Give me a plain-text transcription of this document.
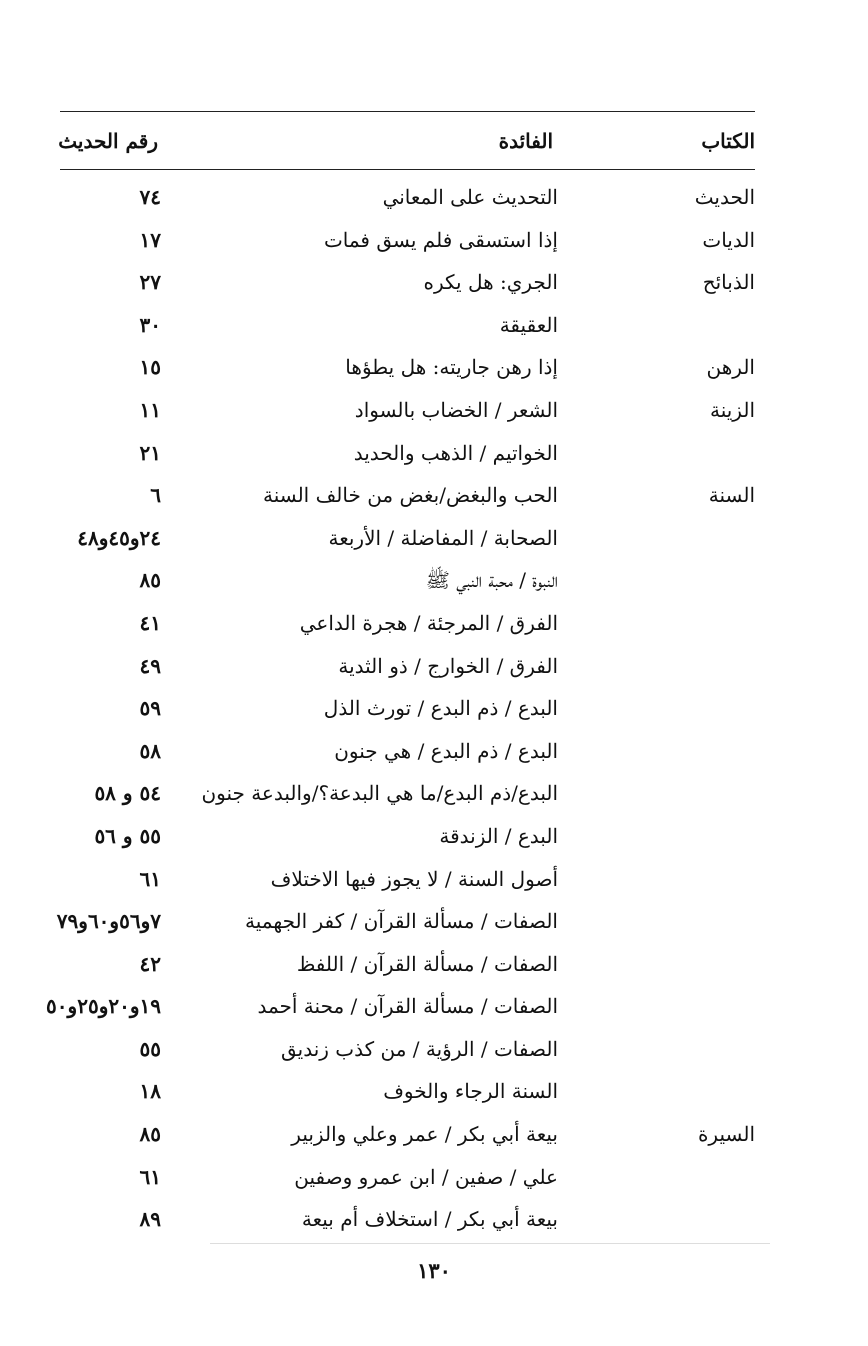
الكتاب
الفائدة
رقم الحديث
الحديث
التحديث على المعاني
٧٤
الديات
إذا استسقى فلم يسق فمات
١٧
الذبائح
الجري: هل يكره
٢٧
العقيقة
٣٠
الرهن
إذا رهن جاريته: هل يطؤها
١٥
الزينة
الشعر / الخضاب بالسواد
١١
الخواتيم / الذهب والحديد
٢١
السنة
الحب والبغض/بغض من خالف السنة
٦
الصحابة / المفاضلة / الأربعة
٢٤و٤٥و٤٨
النبوة / محبة النبي ﷺ
٨٥
الفرق / المرجئة / هجرة الداعي
٤١
الفرق / الخوارج / ذو الثدية
٤٩
البدع / ذم البدع / تورث الذل
٥٩
البدع / ذم البدع / هي جنون
٥٨
البدع/ذم البدع/ما هي البدعة؟/والبدعة جنون
٥٤ و ٥٨
البدع / الزندقة
٥٥ و ٥٦
أصول السنة / لا يجوز فيها الاختلاف
٦١
الصفات / مسألة القرآن / كفر الجهمية
٧و٥٦و٦٠و٧٩
الصفات / مسألة القرآن / اللفظ
٤٢
الصفات / مسألة القرآن / محنة أحمد
١٩و٢٠و٢٥و٥٠
الصفات / الرؤية / من كذب زنديق
٥٥
السنة الرجاء والخوف
١٨
السيرة
بيعة أبي بكر / عمر وعلي والزبير
٨٥
علي / صفين / ابن عمرو وصفين
٦١
بيعة أبي بكر / استخلاف أم بيعة
٨٩
١٣٠
